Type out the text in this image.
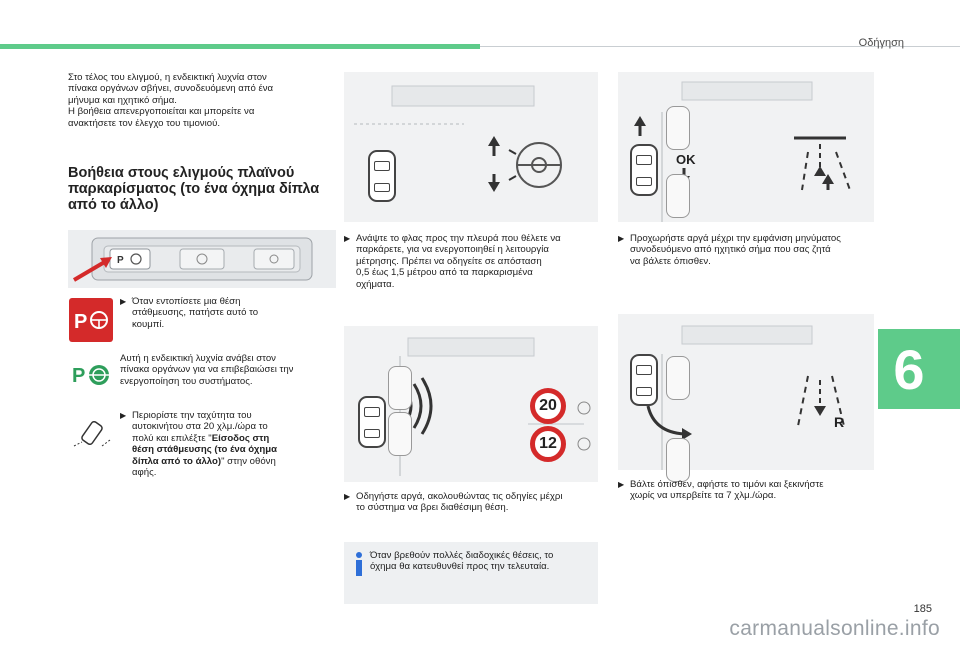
Οδήγηση

Στο τέλος του ελιγμού, η ενδεικτική λυχνία στον

πίνακα οργάνων σβήνει, συνοδευόμενη από ένα

μήνυμα και ηχητικό σήμα.

Η βοήθεια απενεργοποιείται και μπορείτε να

ανακτήσετε τον έλεγχο του τιμονιού.

Βοήθεια στους ελιγμούς πλαϊνού
παρκαρίσματος (το ένα όχημα δίπλα
από το άλλο)
P
P
▶ Όταν εντοπίσετε μια θέση
στάθμευσης, πατήστε αυτό το
κουμπί.
P

Αυτή η ενδεικτική λυχνία ανάβει στον

πίνακα οργάνων για να επιβεβαιώσει την

ενεργοποίηση του συστήματος.

▶ Περιορίστε την ταχύτητα του
αυτοκινήτου στα 20 χλμ./ώρα το
πολύ και επιλέξτε "Είσοδος στη
θέση στάθμευσης (το ένα όχημα
δίπλα από το άλλο)" στην οθόνη
αφής.
▶ Ανάψτε το φλας προς την πλευρά που θέλετε να
παρκάρετε, για να ενεργοποιηθεί η λειτουργία
μέτρησης. Πρέπει να οδηγείτε σε απόσταση
0,5 έως 1,5 μέτρου από τα παρκαρισμένα
οχήματα.
20
12
▶ Οδηγήστε αργά, ακολουθώντας τις οδηγίες μέχρι
το σύστημα να βρει διαθέσιμη θέση.

Όταν βρεθούν πολλές διαδοχικές θέσεις, το

όχημα θα κατευθυνθεί προς την τελευταία.

OK
▶ Προχωρήστε αργά μέχρι την εμφάνιση μηνύματος
συνοδευόμενο από ηχητικό σήμα που σας ζητά
να βάλετε όπισθεν.
R
▶ Βάλτε όπισθεν, αφήστε το τιμόνι και ξεκινήστε
χωρίς να υπερβείτε τα 7 χλμ./ώρα.
6
185
carmanualsonline.info
